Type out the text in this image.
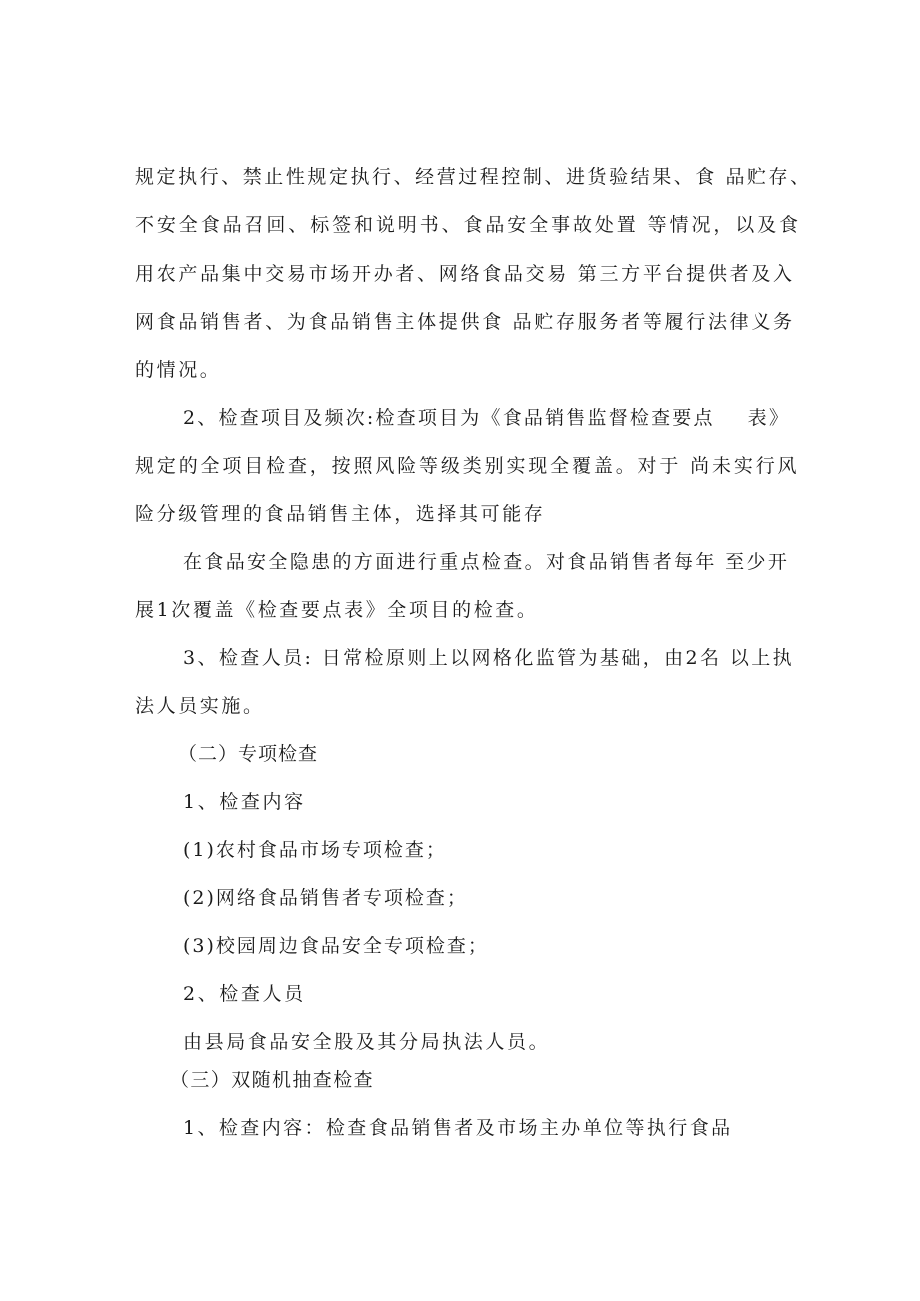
规定执行、禁止性规定执行、经营过程控制、进货验结果、食 品贮存、
不安全食品召回、标签和说明书、食品安全事故处置 等情况，以及食
用农产品集中交易市场开办者、网络食品交易 第三方平台提供者及入
网食品销售者、为食品销售主体提供食 品贮存服务者等履行法律义务
的情况。
2、检查项目及频次:检查项目为《食品销售监督检查要点    表》
规定的全项目检查，按照风险等级类别实现全覆盖。对于 尚未实行风
险分级管理的食品销售主体，选择其可能存
在食品安全隐患的方面进行重点检查。对食品销售者每年 至少开
展1次覆盖《检查要点表》全项目的检查。
3、检查人员: 日常检原则上以网格化监管为基础，由2名 以上执
法人员实施。
（二）专项检查
1、检查内容
(1)农村食品市场专项检查；
(2)网络食品销售者专项检查；
(3)校园周边食品安全专项检查；
2、检查人员
由县局食品安全股及其分局执法人员。
（三）双随机抽查检查
1、检查内容：检查食品销售者及市场主办单位等执行食品
